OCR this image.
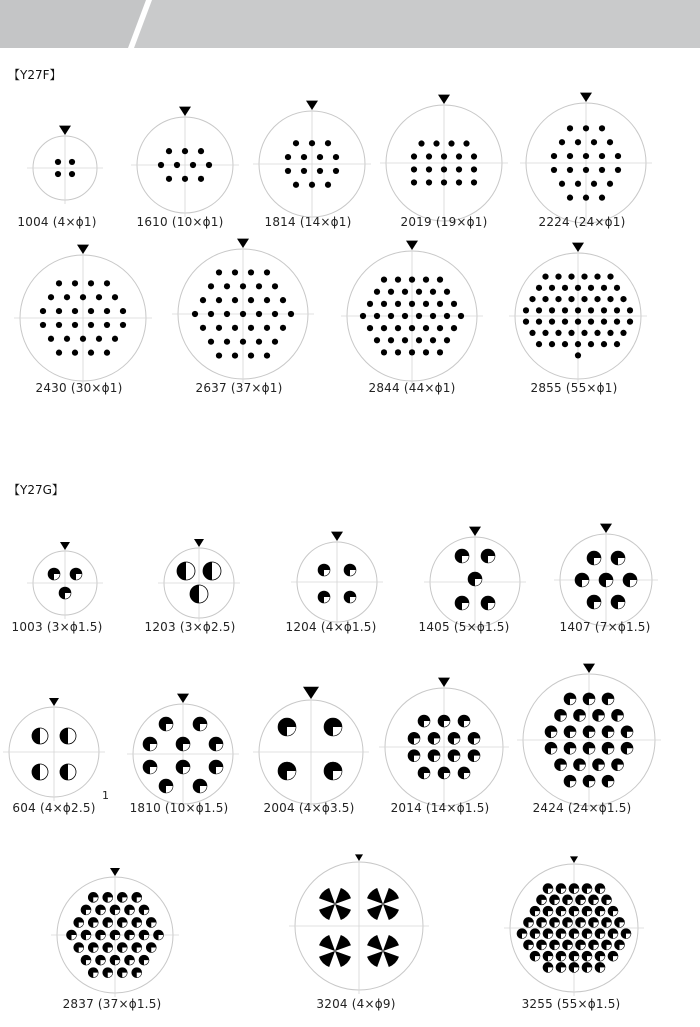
【Y27F】
【Y27G】
1004 (4×ϕ1)	1610 (10×ϕ1)	1814 (14×ϕ1)	2019 (19×ϕ1)	2224 (24×ϕ1)
2430 (30×ϕ1)	2637 (37×ϕ1)	2844 (44×ϕ1)	2855 (55×ϕ1)
1003 (3×ϕ1.5)	1203 (3×ϕ2.5)	1204 (4×ϕ1.5)	1405 (5×ϕ1.5)	1407 (7×ϕ1.5)
604 (4×ϕ2.5)	1810 (10×ϕ1.5)	2004 (4×ϕ3.5)	2014 (14×ϕ1.5)	2424 (24×ϕ1.5)
2837 (37×ϕ1.5)	3204 (4×ϕ9)	3255 (55×ϕ1.5)
1
